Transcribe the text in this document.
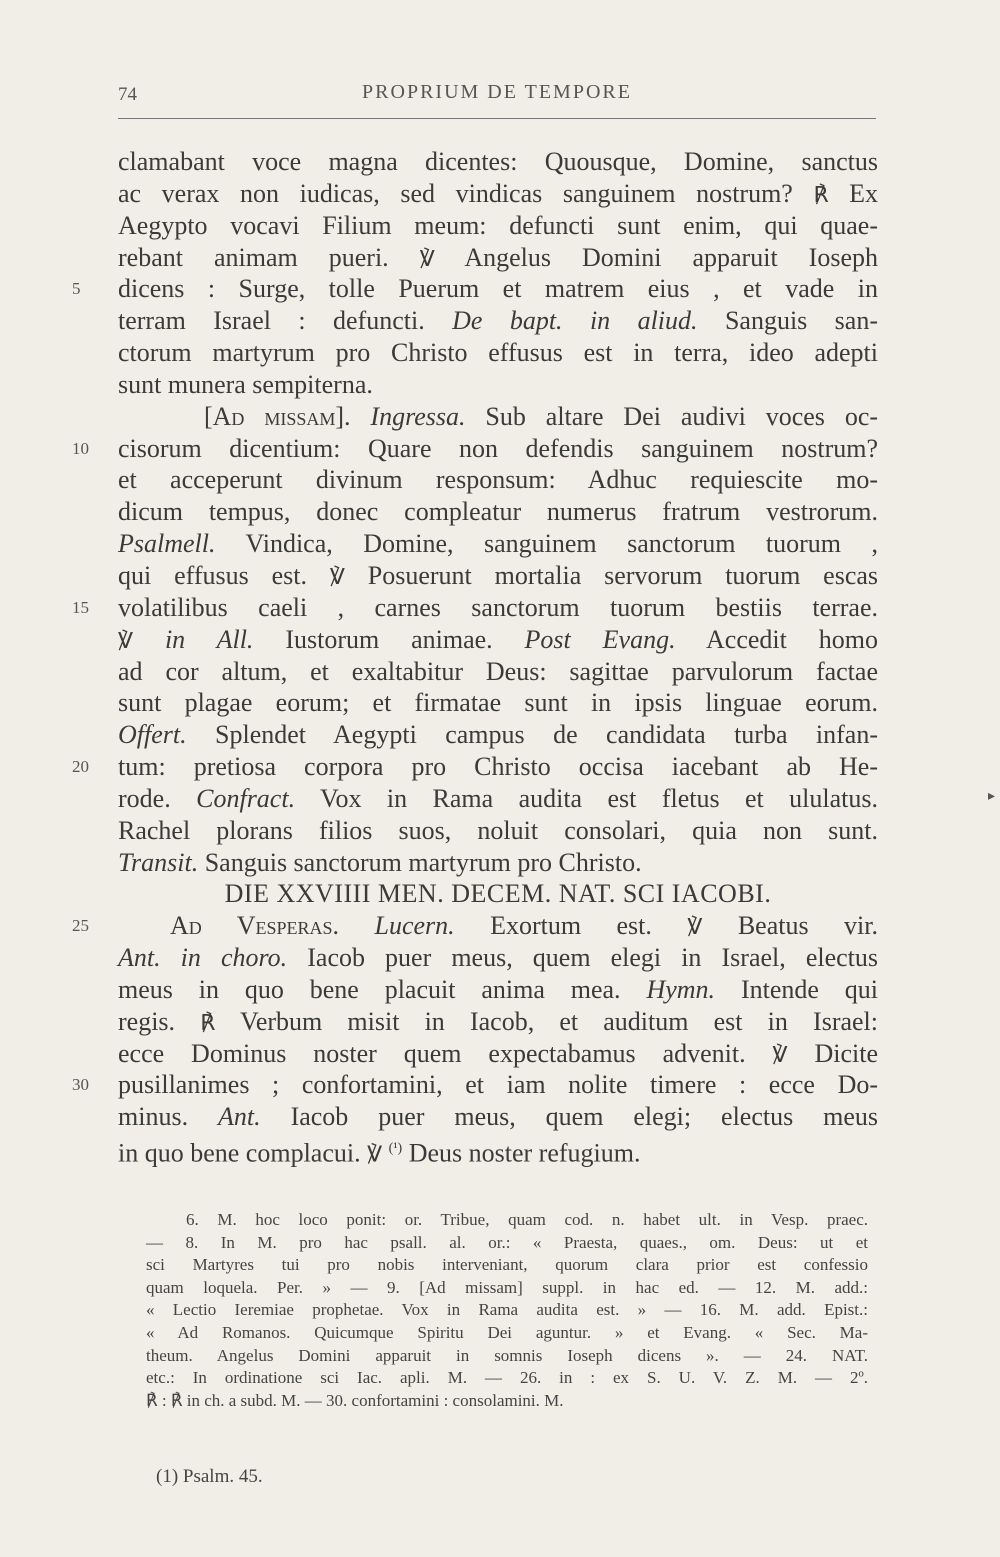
74	PROPRIUM DE TEMPORE
clamabant voce magna dicentes: Quousque, Domine, sanctus
ac verax non iudicas, sed vindicas sanguinem nostrum? ℟ Ex
Aegypto vocavi Filium meum: defuncti sunt enim, qui quae-
rebant animam pueri. ℣ Angelus Domini apparuit Ioseph
5	dicens : Surge, tolle Puerum et matrem eius , et vade in
terram Israel : defuncti. De bapt. in aliud. Sanguis san-
ctorum martyrum pro Christo effusus est in terra, ideo adepti
sunt munera sempiterna.
[Ad missam]. Ingressa. Sub altare Dei audivi voces oc-
10	cisorum dicentium: Quare non defendis sanguinem nostrum?
et acceperunt divinum responsum: Adhuc requiescite mo-
dicum tempus, donec compleatur numerus fratrum vestrorum.
Psalmell. Vindica, Domine, sanguinem sanctorum tuorum ,
qui effusus est. ℣ Posuerunt mortalia servorum tuorum escas
15	volatilibus caeli , carnes sanctorum tuorum bestiis terrae.
℣ in All. Iustorum animae. Post Evang. Accedit homo
ad cor altum, et exaltabitur Deus: sagittae parvulorum factae
sunt plagae eorum; et firmatae sunt in ipsis linguae eorum.
Offert. Splendet Aegypti campus de candidata turba infan-
20	tum: pretiosa corpora pro Christo occisa iacebant ab He-
rode. Confract. Vox in Rama audita est fletus et ululatus.
Rachel plorans filios suos, noluit consolari, quia non sunt.
Transit. Sanguis sanctorum martyrum pro Christo.
DIE XXVIIII MEN. DECEM. NAT. SCI IACOBI.
25	Ad Vesperas. Lucern. Exortum est. ℣ Beatus vir.
Ant. in choro. Iacob puer meus, quem elegi in Israel, electus
meus in quo bene placuit anima mea. Hymn. Intende qui
regis. ℟ Verbum misit in Iacob, et auditum est in Israel:
ecce Dominus noster quem expectabamus advenit. ℣ Dicite
30	pusillanimes ; confortamini, et iam nolite timere : ecce Do-
minus. Ant. Iacob puer meus, quem elegi; electus meus
in quo bene complacui. ℣ $^{(^1)}$ Deus noster refugium.
6. M. hoc loco ponit: or. Tribue, quam cod. n. habet ult. in Vesp. praec.
— 8. In M. pro hac psall. al. or.: « Praesta, quaes., om. Deus: ut et
sci Martyres tui pro nobis interveniant, quorum clara prior est confessio
quam loquela. Per. » — 9. [Ad missam] suppl. in hac ed. — 12. M. add.:
« Lectio Ieremiae prophetae. Vox in Rama audita est. » — 16. M. add. Epist.:
« Ad Romanos. Quicumque Spiritu Dei aguntur. » et Evang. « Sec. Ma-
theum. Angelus Domini apparuit in somnis Ioseph dicens ». — 24. NAT.
etc.: In ordinatione sci Iac. apli. M. — 26. in : ex S. U. V. Z. M. — 2º.
℟ : ℟ in ch. a subd. M. — 30. confortamini : consolamini. M.
(1) Psalm. 45.
▸
